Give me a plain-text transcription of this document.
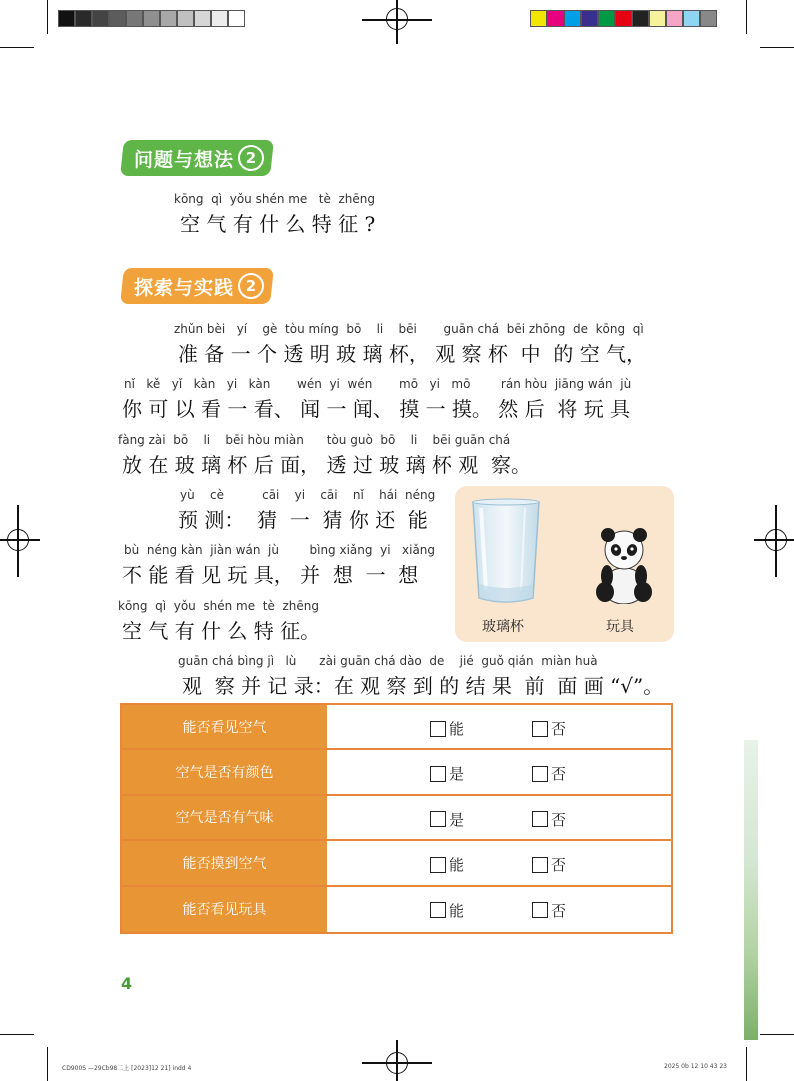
问题与想法 2
kōng  qì  yǒu shén me   tè  zhēng
空 气 有 什 么 特 征 ?
探索与实践 2
zhǔn bèi   yí    gè  tòu míng  bō    li    bēi       guān chá  bēi zhōng  de  kōng  qì
准 备 一 个 透 明 玻 璃 杯， 观 察 杯  中  的 空 气，
nǐ   kě   yǐ   kàn   yi   kàn       wén  yi  wén       mō   yi   mō        rán hòu  jiāng wán  jù
你 可 以 看 一 看、 闻 一 闻、 摸 一 摸。 然 后  将 玩 具
fàng zài  bō    li    bēi hòu miàn      tòu guò  bō    li    bēi guān chá
放 在 玻 璃 杯 后 面， 透 过 玻 璃 杯 观  察。
yù    cè          cāi    yi    cāi    nǐ    hái  néng
预 测：  猜  一  猜 你 还  能
bù  néng kàn  jiàn wán  jù        bìng xiǎng  yi   xiǎng
不 能 看 见 玩 具， 并  想  一  想
kōng  qì  yǒu  shén me  tè  zhēng
空 气 有 什 么 特 征。
guān chá bìng jì   lù      zài guān chá dào  de    jié  guǒ qián  miàn huà
观  察 并 记 录：在 观 察 到 的 结 果  前  面 画 “√”。
玻璃杯	玩具
能否看见空气	能	否
空气是否有颜色	是	否
空气是否有气味	是	否
能否摸到空气	能	否
能否看见玩具	能	否
4
CD900S —29Cb98二上 [2023]12 21] indd 4	2025 0b 12 10 43 23
